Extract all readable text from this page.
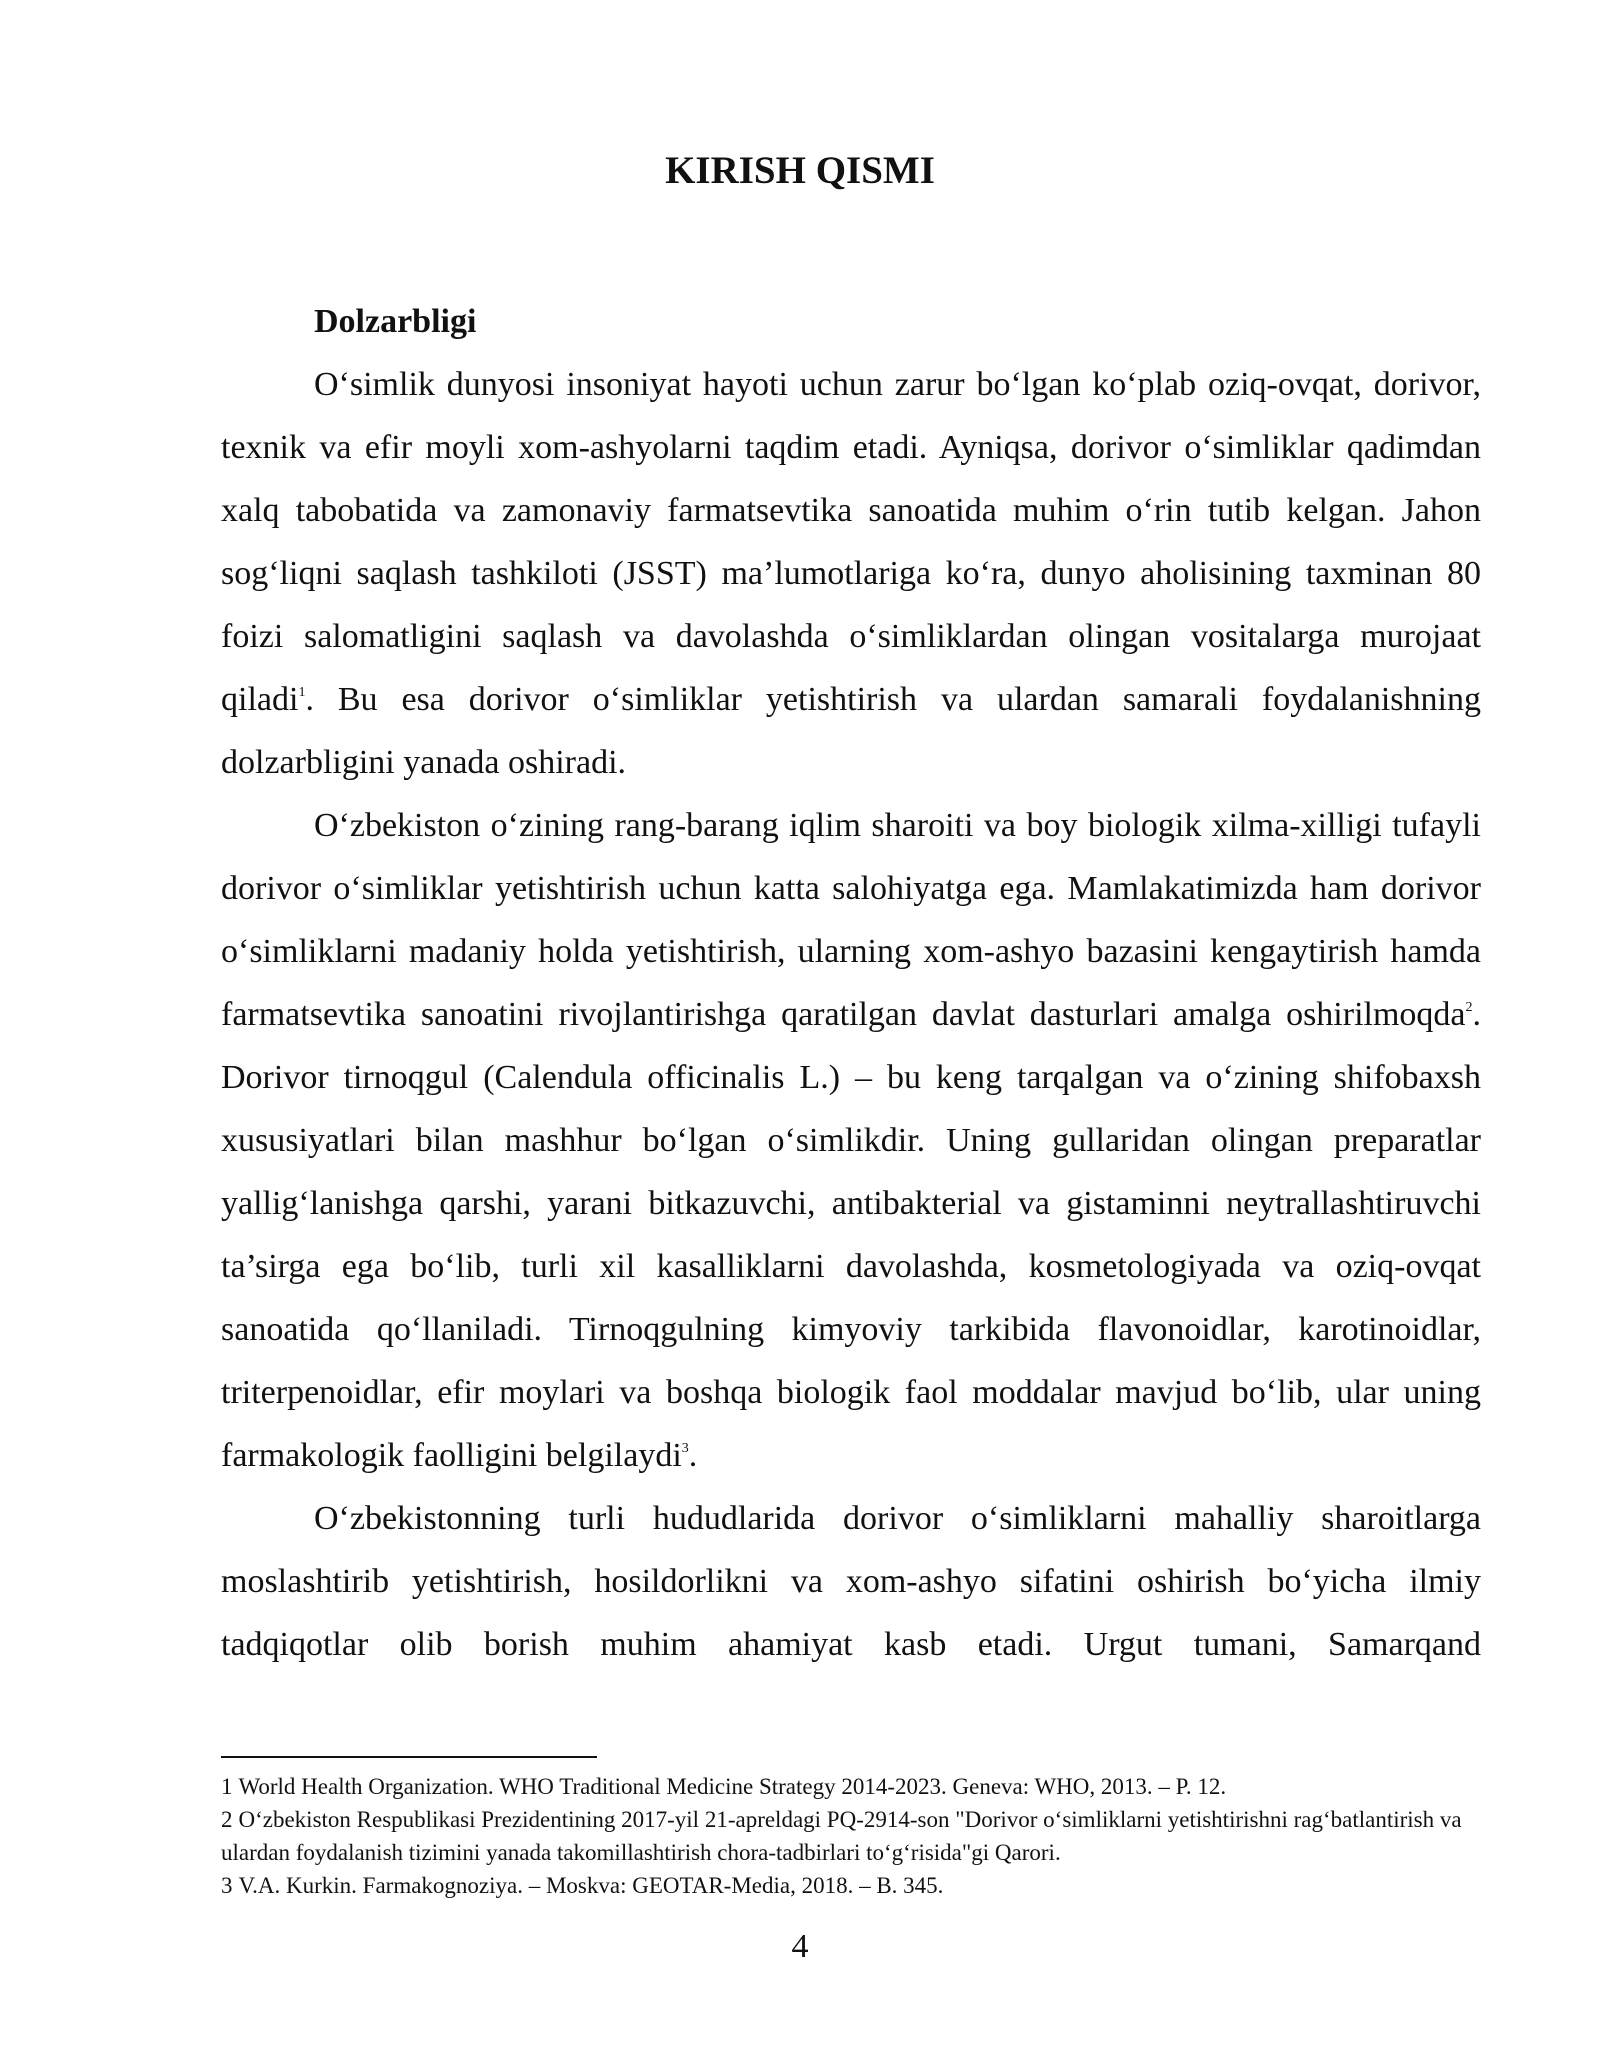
KIRISH QISMI

Dolzarbligi

O‘simlik dunyosi insoniyat hayoti uchun zarur bo‘lgan ko‘plab oziq-ovqat, dorivor, texnik va efir moyli xom-ashyolarni taqdim etadi. Ayniqsa, dorivor o‘simliklar qadimdan xalq tabobatida va zamonaviy farmatsevtika sanoatida muhim o‘rin tutib kelgan. Jahon sog‘liqni saqlash tashkiloti (JSST) ma’lumotlariga ko‘ra, dunyo aholisining taxminan 80 foizi salomatligini saqlash va davolashda o‘simliklardan olingan vositalarga murojaat qiladi$^1$. Bu esa dorivor o‘simliklar yetishtirish va ulardan samarali foydalanishning dolzarbligini yanada oshiradi.

O‘zbekiston o‘zining rang-barang iqlim sharoiti va boy biologik xilma-xilligi tufayli dorivor o‘simliklar yetishtirish uchun katta salohiyatga ega. Mamlakatimizda ham dorivor o‘simliklarni madaniy holda yetishtirish, ularning xom-ashyo bazasini kengaytirish hamda farmatsevtika sanoatini rivojlantirishga qaratilgan davlat dasturlari amalga oshirilmoqda$^2$. Dorivor tirnoqgul (Calendula officinalis L.) – bu keng tarqalgan va o‘zining shifobaxsh xususiyatlari bilan mashhur bo‘lgan o‘simlikdir. Uning gullaridan olingan preparatlar yallig‘lanishga qarshi, yarani bitkazuvchi, antibakterial va gistaminni neytrallashtiruvchi ta’sirga ega bo‘lib, turli xil kasalliklarni davolashda, kosmetologiyada va oziq-ovqat sanoatida qo‘llaniladi. Tirnoqgulning kimyoviy tarkibida flavonoidlar, karotinoidlar, triterpenoidlar, efir moylari va boshqa biologik faol moddalar mavjud bo‘lib, ular uning farmakologik faolligini belgilaydi$^3$.

O‘zbekistonning turli hududlarida dorivor o‘simliklarni mahalliy sharoitlarga moslashtirib yetishtirish, hosildorlikni va xom-ashyo sifatini oshirish bo‘yicha ilmiy tadqiqotlar olib borish muhim ahamiyat kasb etadi. Urgut tumani, Samarqand

1 World Health Organization. WHO Traditional Medicine Strategy 2014-2023. Geneva: WHO, 2013. – P. 12.

2 O‘zbekiston Respublikasi Prezidentining 2017-yil 21-apreldagi PQ-2914-son "Dorivor o‘simliklarni yetishtirishni rag‘batlantirish va ulardan foydalanish tizimini yanada takomillashtirish chora-tadbirlari to‘g‘risida"gi Qarori.

3 V.A. Kurkin. Farmakognoziya. – Moskva: GEOTAR-Media, 2018. – B. 345.

4
